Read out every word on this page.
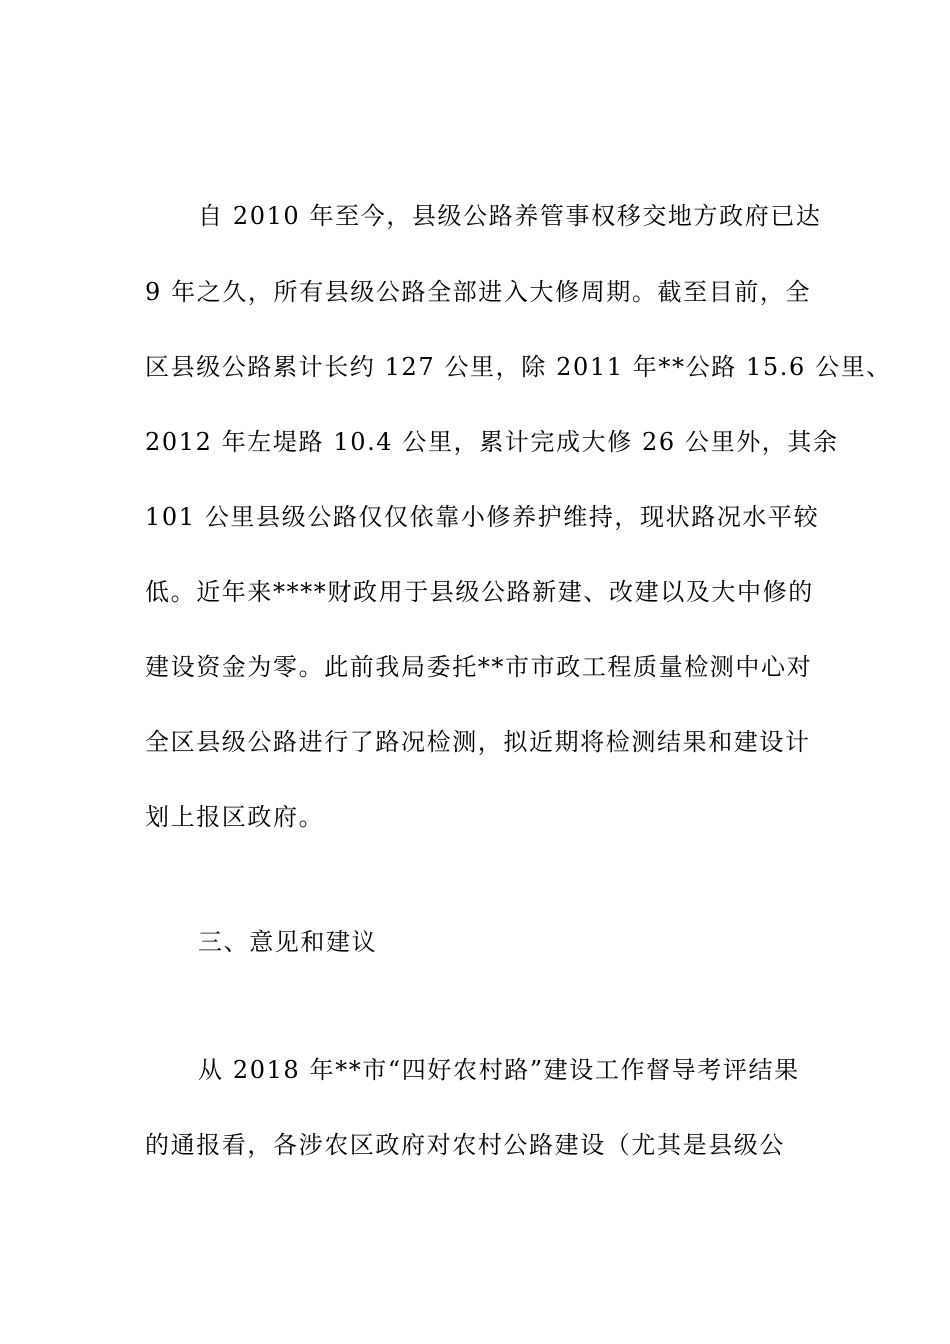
自 2010 年至今，县级公路养管事权移交地方政府已达

9 年之久，所有县级公路全部进入大修周期。截至目前，全

区县级公路累计长约 127 公里，除 2011 年**公路 15.6 公里、

2012 年左堤路 10.4 公里，累计完成大修 26 公里外，其余

101 公里县级公路仅仅依靠小修养护维持，现状路况水平较

低。近年来****财政用于县级公路新建、改建以及大中修的

建设资金为零。此前我局委托**市市政工程质量检测中心对

全区县级公路进行了路况检测，拟近期将检测结果和建设计

划上报区政府。

三、意见和建议

从 2018 年**市“四好农村路”建设工作督导考评结果

的通报看，各涉农区政府对农村公路建设（尤其是县级公
